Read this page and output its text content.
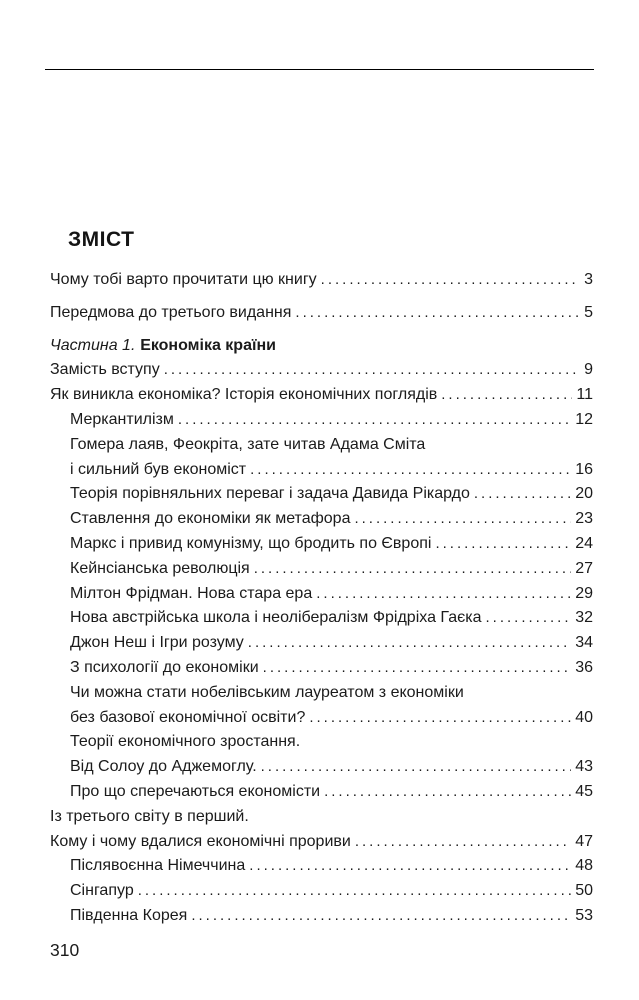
ЗМІСТ
Чому тобі варто прочитати цю книгу .....	3
Передмова до третього видання .....	5
Частина 1. Економіка країни
Замість вступу .....	9
Як виникла економіка? Історія економічних поглядів .....	11
Меркантилізм .....	12
Гомера лаяв, Феокріта, зате читав Адама Сміта
і сильний був економіст .....	16
Теорія порівняльних переваг і задача Давида Рікардо .....	20
Ставлення до економіки як метафора .....	23
Маркс і привид комунізму, що бродить по Європі .....	24
Кейнсіанська революція .....	27
Мілтон Фрідман. Нова стара ера .....	29
Нова австрійська школа і неолібералізм Фрідріха Гаєка .....	32
Джон Неш і Ігри розуму .....	34
З психології до економіки .....	36
Чи можна стати нобелівським лауреатом з економіки
без базової економічної освіти? .....	40
Теорії економічного зростання.
Від Солоу до Аджемоглу. .....	43
Про що сперечаються економісти .....	45
Із третього світу в перший.
Кому і чому вдалися економічні прориви .....	47
Післявоєнна Німеччина .....	48
Сінгапур .....	50
Південна Корея .....	53
310
